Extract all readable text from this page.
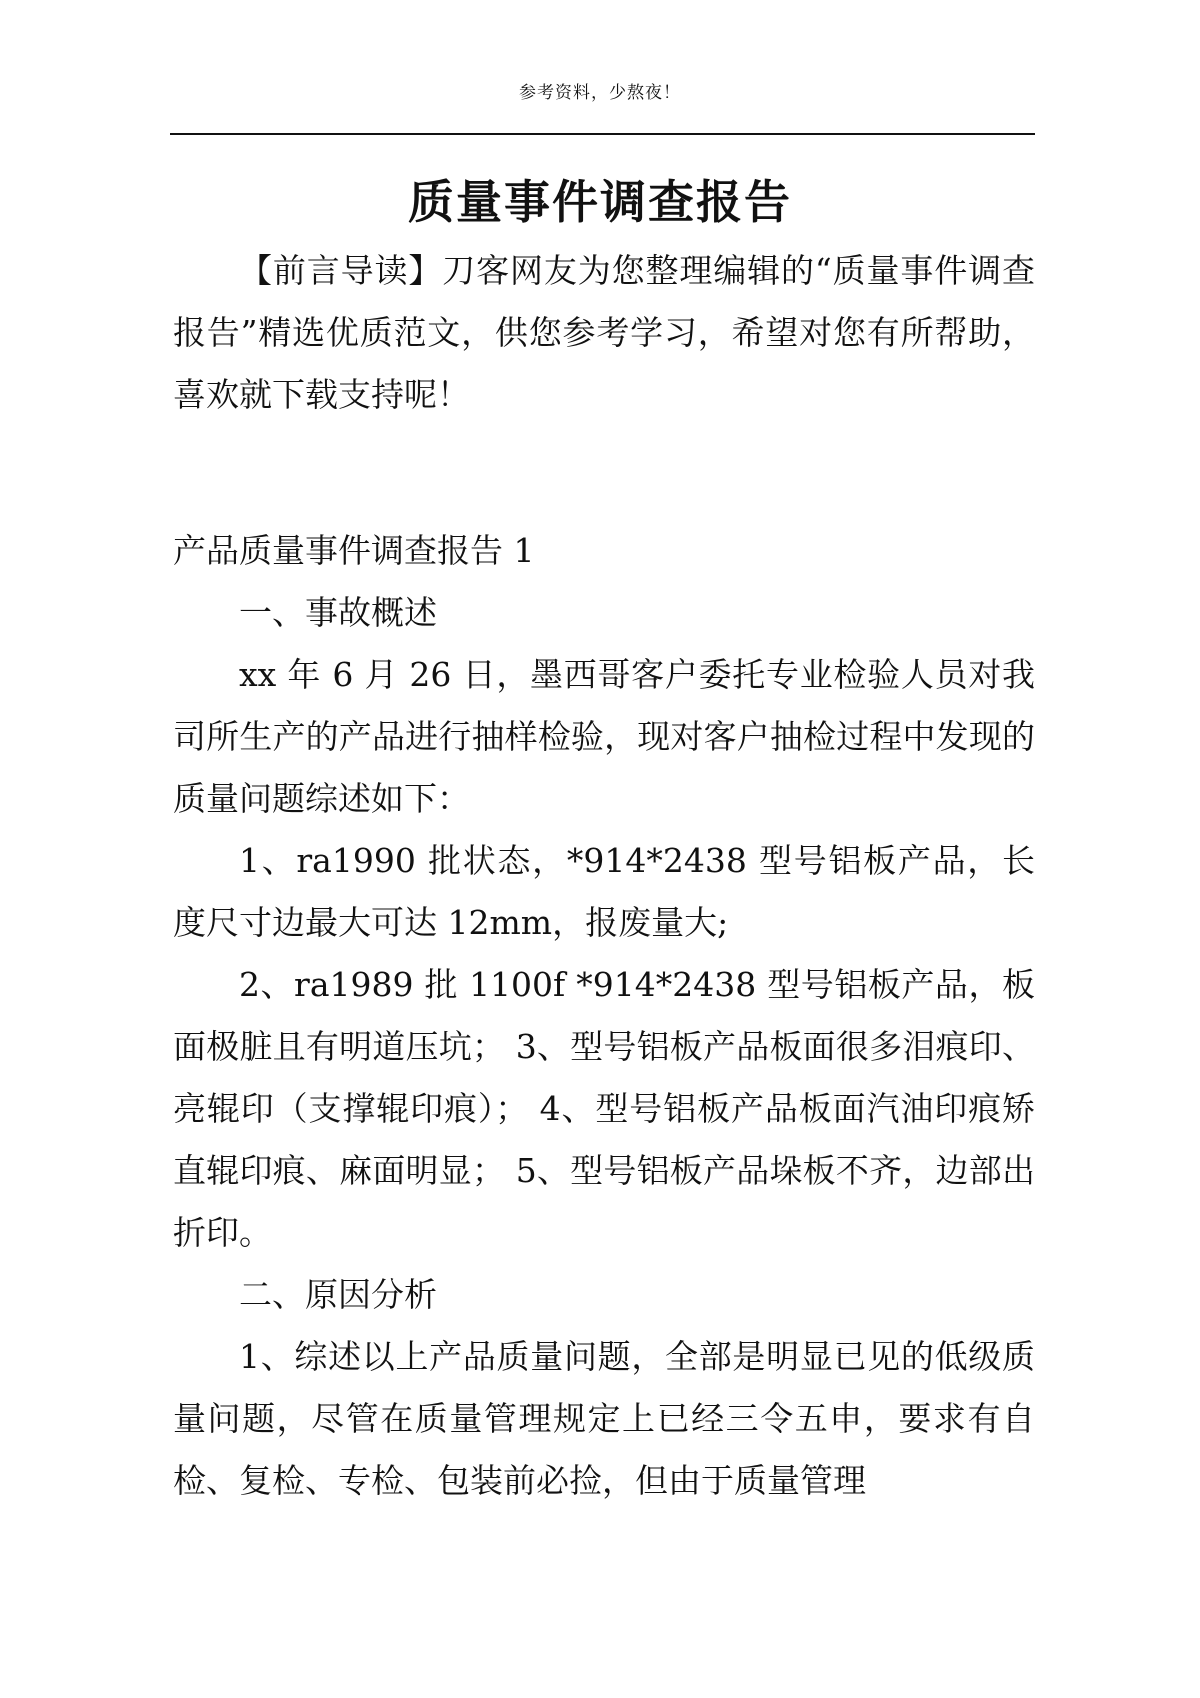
参考资料，少熬夜！
质量事件调查报告

【前言导读】刀客网友为您整理编辑的“质量事件调查报告”精选优质范文，供您参考学习，希望对您有所帮助，喜欢就下载支持呢！

产品质量事件调查报告 1

一、事故概述

xx 年 6 月 26 日，墨西哥客户委托专业检验人员对我司所生产的产品进行抽样检验，现对客户抽检过程中发现的质量问题综述如下：

1、ra1990 批状态，*914*2438 型号铝板产品，长度尺寸边最大可达 12mm，报废量大;

2、ra1989 批 1100f *914*2438 型号铝板产品，板面极脏且有明道压坑； 3、型号铝板产品板面很多泪痕印、亮辊印（支撑辊印痕）； 4、型号铝板产品板面汽油印痕矫直辊印痕、麻面明显； 5、型号铝板产品垛板不齐，边部出折印。

二、原因分析

1、综述以上产品质量问题，全部是明显已见的低级质量问题，尽管在质量管理规定上已经三令五申，要求有自检、复检、专检、包装前必捡，但由于质量管理
